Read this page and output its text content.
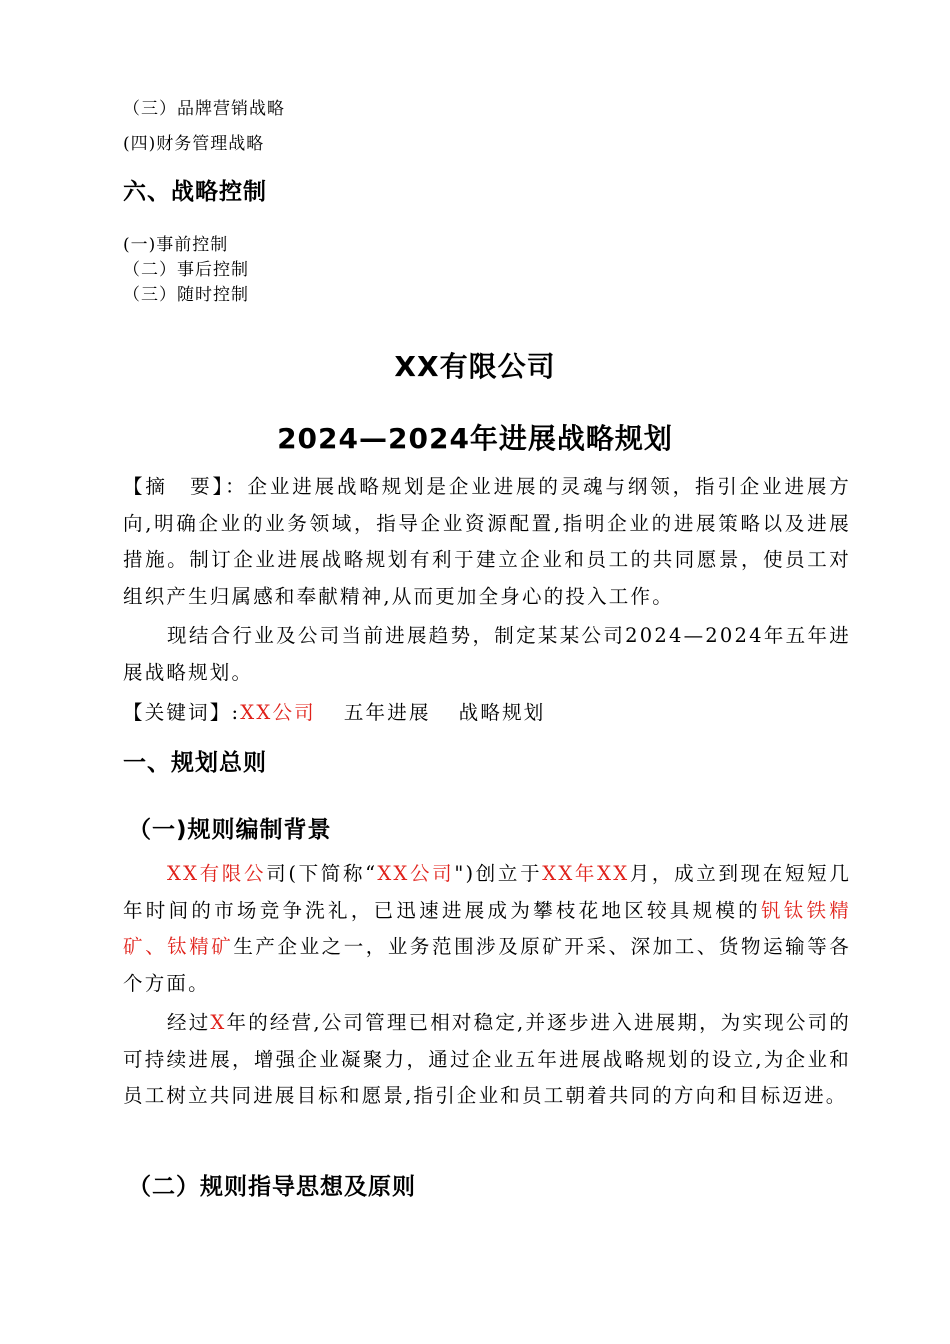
（三）品牌营销战略
(四)财务管理战略
六、战略控制
(一)事前控制
（二）事后控制
（三）随时控制
XX有限公司
2024—2024年进展战略规划
【摘　要】：企业进展战略规划是企业进展的灵魂与纲领，指引企业进展方向,明确企业的业务领域，指导企业资源配置,指明企业的进展策略以及进展措施。制订企业进展战略规划有利于建立企业和员工的共同愿景，使员工对组织产生归属感和奉献精神,从而更加全身心的投入工作。
现结合行业及公司当前进展趋势，制定某某公司2024—2024年五年进展战略规划。
【关键词】:XX公司 五年进展 战略规划
一、规划总则
（一)规则编制背景
XX有限公司(下简称“XX公司")创立于XX年XX月，成立到现在短短几年时间的市场竞争洗礼，已迅速进展成为攀枝花地区较具规模的钒钛铁精矿、钛精矿生产企业之一，业务范围涉及原矿开采、深加工、货物运输等各个方面。
经过X年的经营,公司管理已相对稳定,并逐步进入进展期，为实现公司的可持续进展，增强企业凝聚力，通过企业五年进展战略规划的设立,为企业和员工树立共同进展目标和愿景,指引企业和员工朝着共同的方向和目标迈进。
（二）规则指导思想及原则
